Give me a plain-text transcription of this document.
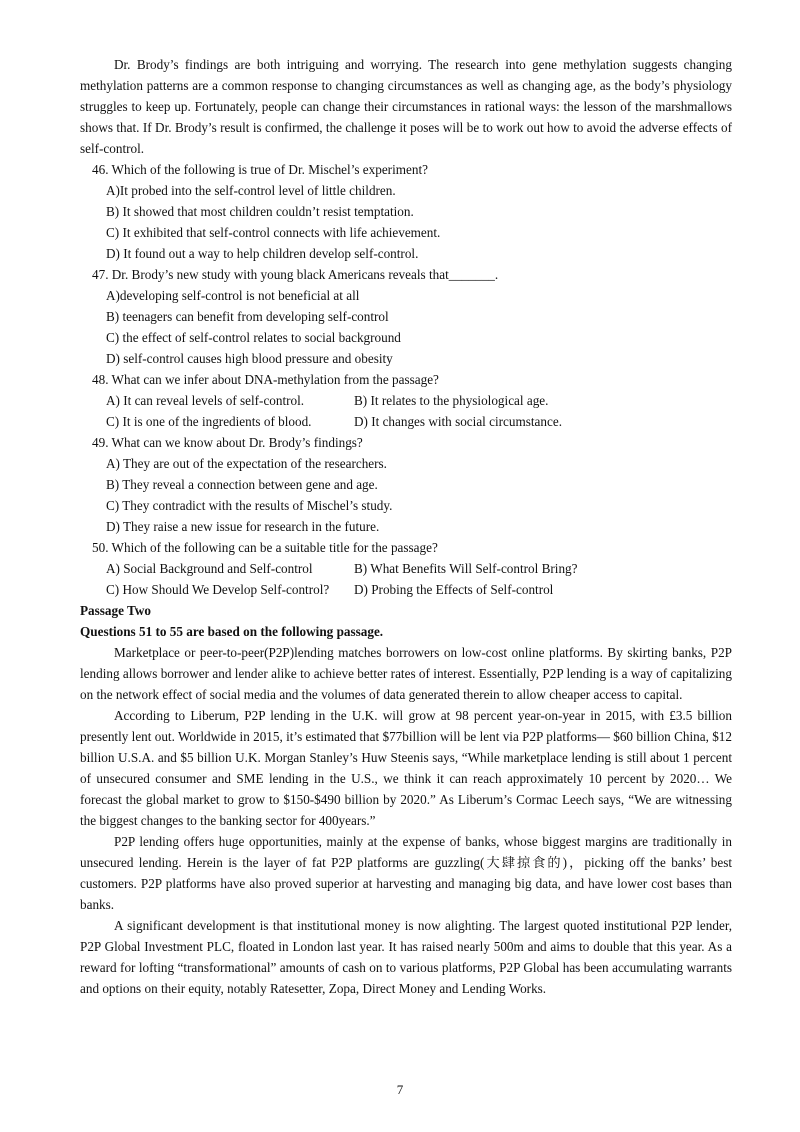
Dr. Brody’s findings are both intriguing and worrying. The research into gene methylation suggests changing methylation patterns are a common response to changing circumstances as well as changing age, as the body’s physiology struggles to keep up. Fortunately, people can change their circumstances in rational ways: the lesson of the marshmallows shows that. If Dr. Brody’s result is confirmed, the challenge it poses will be to work out how to avoid the adverse effects of self-control.

46. Which of the following is true of Dr. Mischel’s experiment?

A)It probed into the self-control level of little children.

B) It showed that most children couldn’t resist temptation.

C) It exhibited that self-control connects with life achievement.

D) It found out a way to help children develop self-control.

47. Dr. Brody’s new study with young black Americans reveals that_______.

A)developing self-control is not beneficial at all

B) teenagers can benefit from developing self-control

C) the effect of self-control relates to social background

D) self-control causes high blood pressure and obesity

48. What can we infer about DNA-methylation from the passage?

A) It can reveal levels of self-control.	B) It relates to the physiological age.
C) It is one of the ingredients of blood.	D) It changes with social circumstance.

49. What can we know about Dr. Brody’s findings?

A) They are out of the expectation of the researchers.

B) They reveal a connection between gene and age.

C) They contradict with the results of Mischel’s study.

D) They raise a new issue for research in the future.

50. Which of the following can be a suitable title for the passage?

A) Social Background and Self-control	B) What Benefits Will Self-control Bring?
C) How Should We Develop Self-control?	D) Probing the Effects of Self-control

Passage Two

Questions 51 to 55 are based on the following passage.

Marketplace or peer-to-peer(P2P)lending matches borrowers on low-cost online platforms. By skirting banks, P2P lending allows borrower and lender alike to achieve better rates of interest. Essentially, P2P lending is a way of capitalizing on the network effect of social media and the volumes of data generated therein to allow cheaper access to capital.

According to Liberum, P2P lending in the U.K. will grow at 98 percent year-on-year in 2015, with £3.5 billion presently lent out. Worldwide in 2015, it’s estimated that $77billion will be lent via P2P platforms— $60 billion China, $12 billion U.S.A. and $5 billion U.K. Morgan Stanley’s Huw Steenis says, “While marketplace lending is still about 1 percent of unsecured consumer and SME lending in the U.S., we think it can reach approximately 10 percent by 2020… We forecast the global market to grow to $150-$490 billion by 2020.” As Liberum’s Cormac Leech says, “We are witnessing the biggest changes to the banking sector for 400years.”

P2P lending offers huge opportunities, mainly at the expense of banks, whose biggest margins are traditionally in unsecured lending. Herein is the layer of fat P2P platforms are guzzling(大肆掠食的)，picking off the banks’ best customers. P2P platforms have also proved superior at harvesting and managing big data, and have lower cost bases than banks.

A significant development is that institutional money is now alighting. The largest quoted institutional P2P lender, P2P Global Investment PLC, floated in London last year. It has raised nearly 500m and aims to double that this year. As a reward for lofting “transformational” amounts of cash on to various platforms, P2P Global has been accumulating warrants and options on their equity, notably Ratesetter, Zopa, Direct Money and Lending Works.

7
